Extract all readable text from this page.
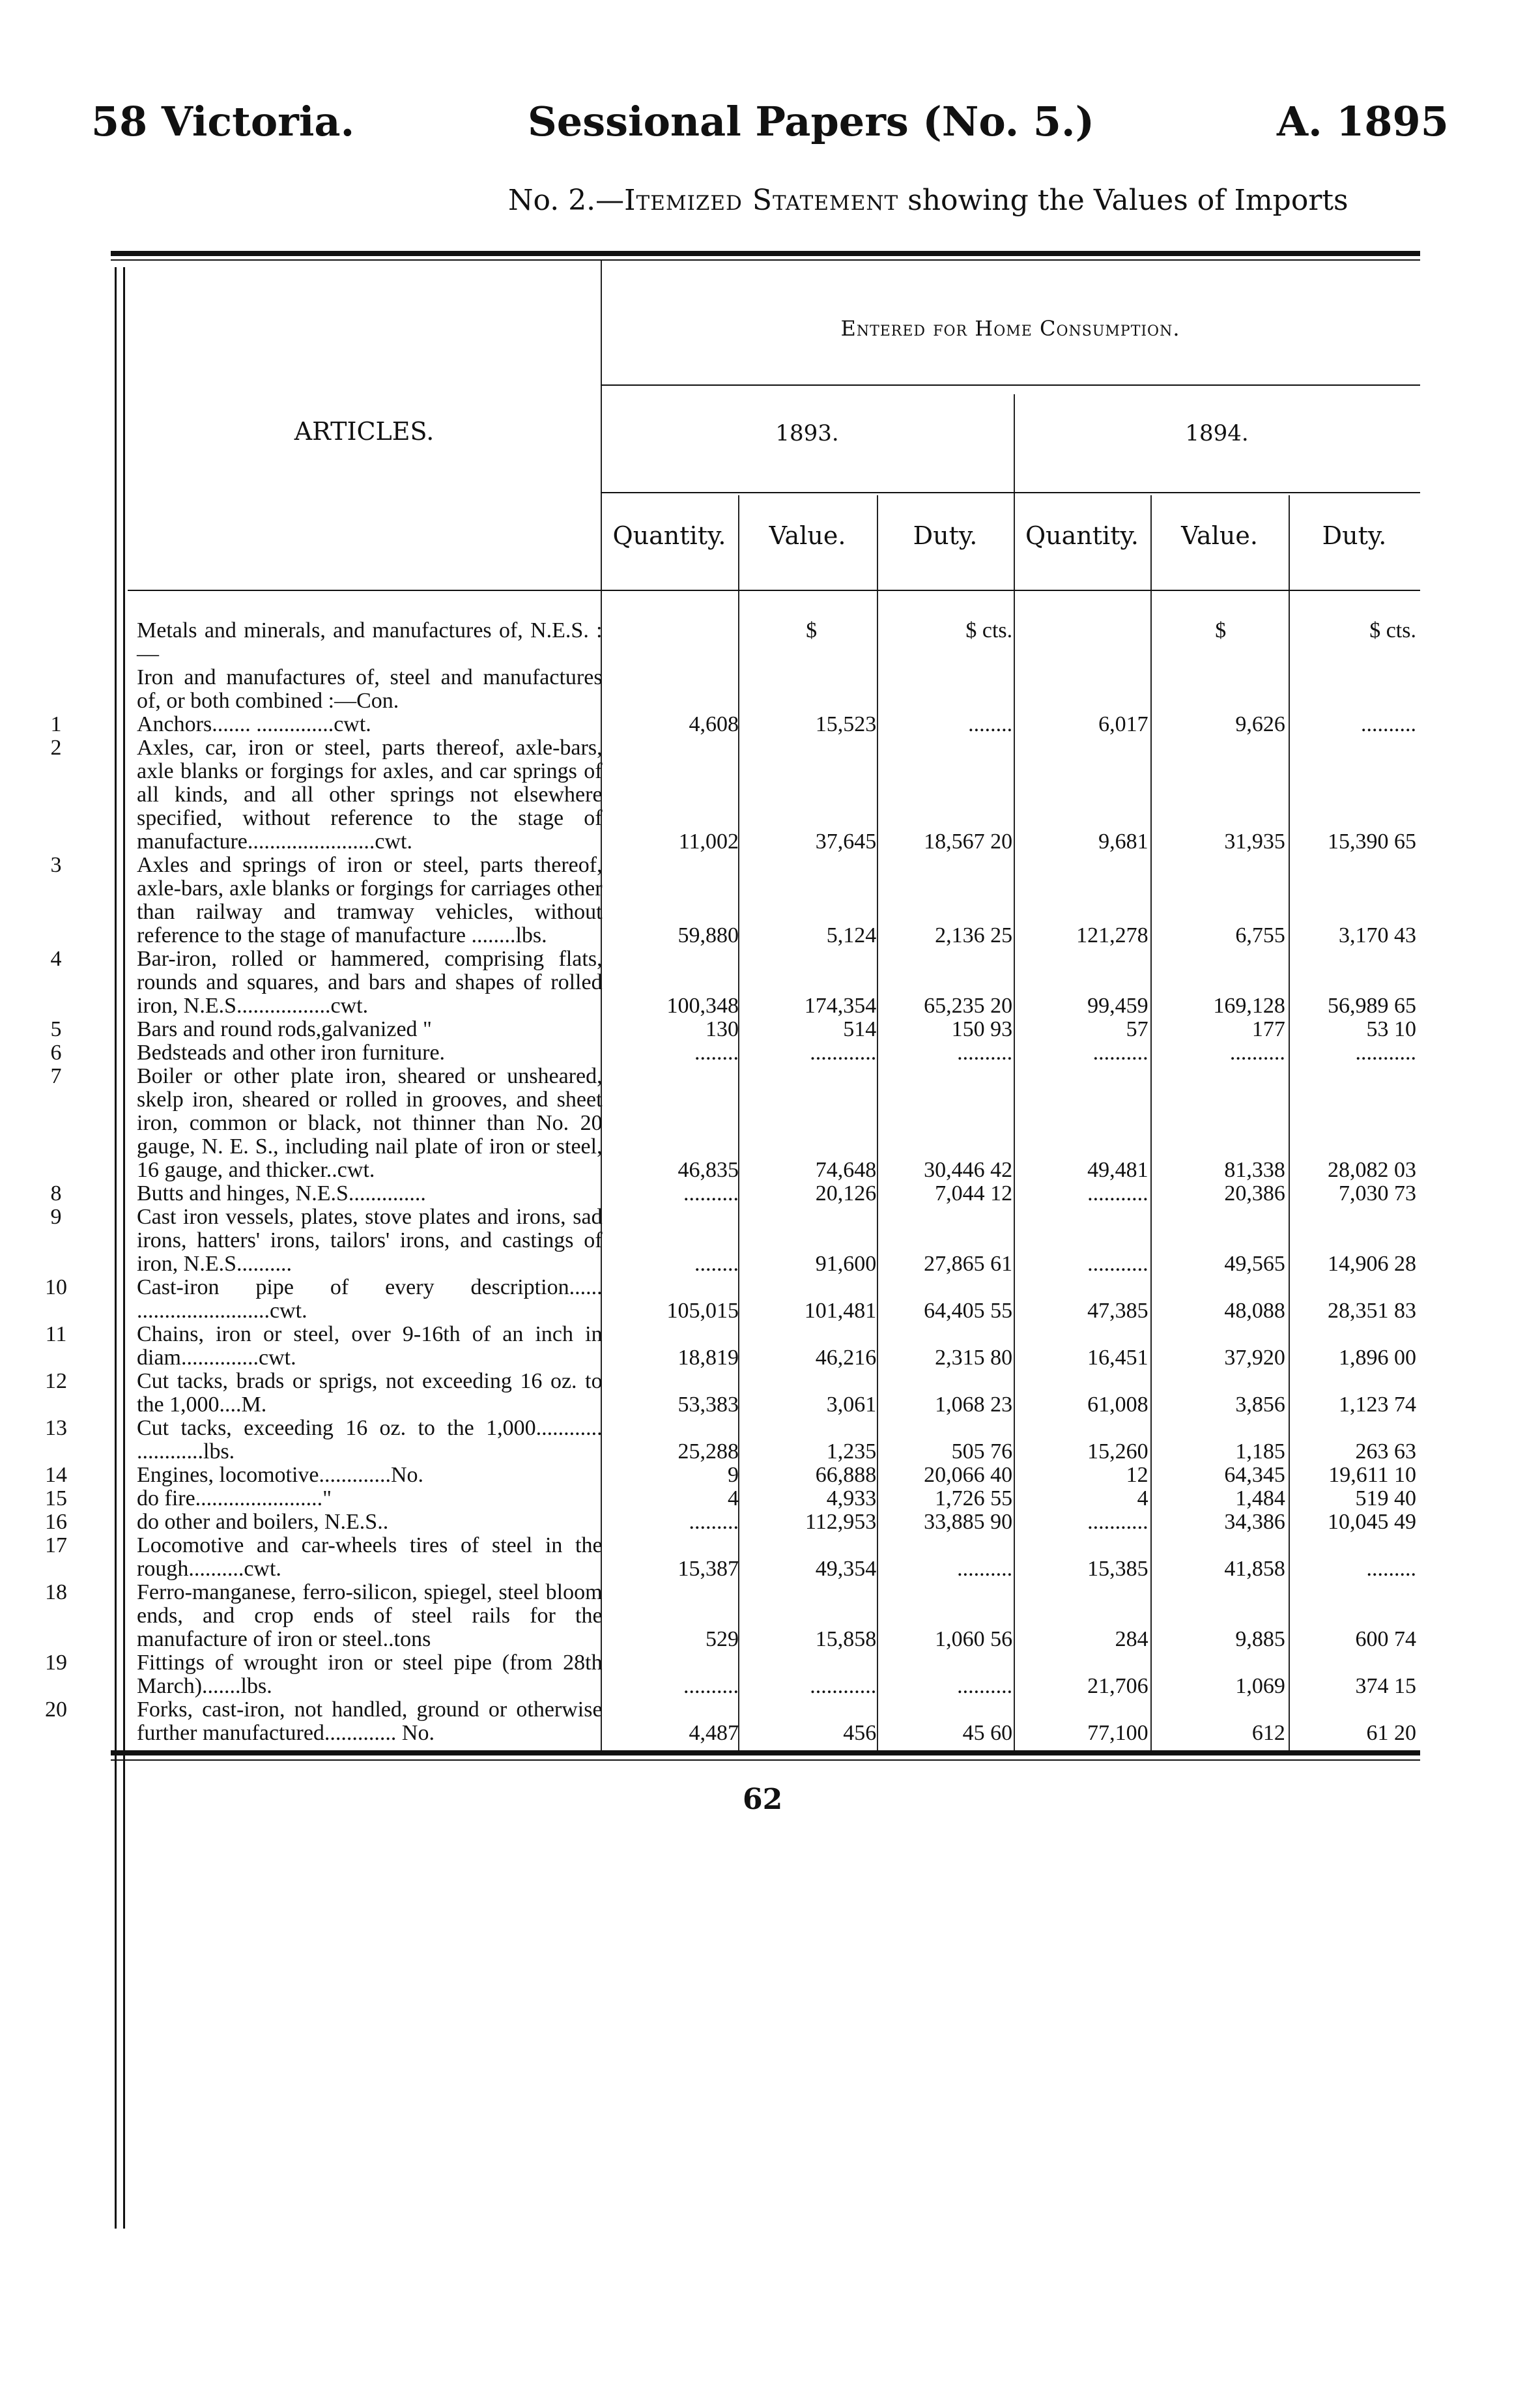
58 Victoria.	Sessional Papers (No. 5.)	A. 1895
No. 2.—Itemized Statement showing the Values of Imports
ARTICLES.
Entered for Home Consumption.
1893.	1894.
Quantity.	Value.	Duty.	Quantity.	Value.	Duty.
Metals and minerals, and manufactures of, N.E.S. :—		$	$ cts.		$	$ cts.
Iron and manufactures of, steel and manufactures of, or both combined :—Con.						

1 Anchors....... ..............cwt.	4,608	15,523	........	6,017	9,626	..........

2 Axles, car, iron or steel, parts thereof, axle-bars, axle blanks or forgings for axles, and car springs of all kinds, and all other springs not elsewhere specified, without reference to the stage of manufacture.......................cwt.	11,002	37,645	18,567 20	9,681	31,935	15,390 65

3 Axles and springs of iron or steel, parts thereof, axle-bars, axle blanks or forgings for carriages other than railway and tramway vehicles, without reference to the stage of manufacture ........lbs.	59,880	5,124	2,136 25	121,278	6,755	3,170 43

4 Bar-iron, rolled or hammered, comprising flats, rounds and squares, and bars and shapes of rolled iron, N.E.S.................cwt.	100,348	174,354	65,235 20	99,459	169,128	56,989 65

5 Bars and round rods,galvanized "	130	514	150 93	57	177	53 10

6 Bedsteads and other iron furniture.	........	............	..........	..........	..........	...........

7 Boiler or other plate iron, sheared or unsheared, skelp iron, sheared or rolled in grooves, and sheet iron, common or black, not thinner than No. 20 gauge, N. E. S., including nail plate of iron or steel, 16 gauge, and thicker..cwt.	46,835	74,648	30,446 42	49,481	81,338	28,082 03

8 Butts and hinges, N.E.S..............	..........	20,126	7,044 12	...........	20,386	7,030 73

9 Cast iron vessels, plates, stove plates and irons, sad irons, hatters' irons, tailors' irons, and castings of iron, N.E.S..........	........	91,600	27,865 61	...........	49,565	14,906 28

10 Cast-iron pipe of every description...... ........................cwt.	105,015	101,481	64,405 55	47,385	48,088	28,351 83

11 Chains, iron or steel, over 9-16th of an inch in diam..............cwt.	18,819	46,216	2,315 80	16,451	37,920	1,896 00

12 Cut tacks, brads or sprigs, not exceeding 16 oz. to the 1,000....M.	53,383	3,061	1,068 23	61,008	3,856	1,123 74

13 Cut tacks, exceeding 16 oz. to the 1,000............ ............lbs.	25,288	1,235	505 76	15,260	1,185	263 63

14 Engines, locomotive.............No.	9	66,888	20,066 40	12	64,345	19,611 10

15 do fire......................."	4	4,933	1,726 55	4	1,484	519 40

16 do other and boilers, N.E.S..	.........	112,953	33,885 90	...........	34,386	10,045 49

17 Locomotive and car-wheels tires of steel in the rough..........cwt.	15,387	49,354	..........	15,385	41,858	.........

18 Ferro-manganese, ferro-silicon, spiegel, steel bloom ends, and crop ends of steel rails for the manufacture of iron or steel..tons	529	15,858	1,060 56	284	9,885	600 74

19 Fittings of wrought iron or steel pipe (from 28th March).......lbs.	..........	............	..........	21,706	1,069	374 15

20 Forks, cast-iron, not handled, ground or otherwise further manufactured............. No.	4,487	456	45 60	77,100	612	61 20
62
